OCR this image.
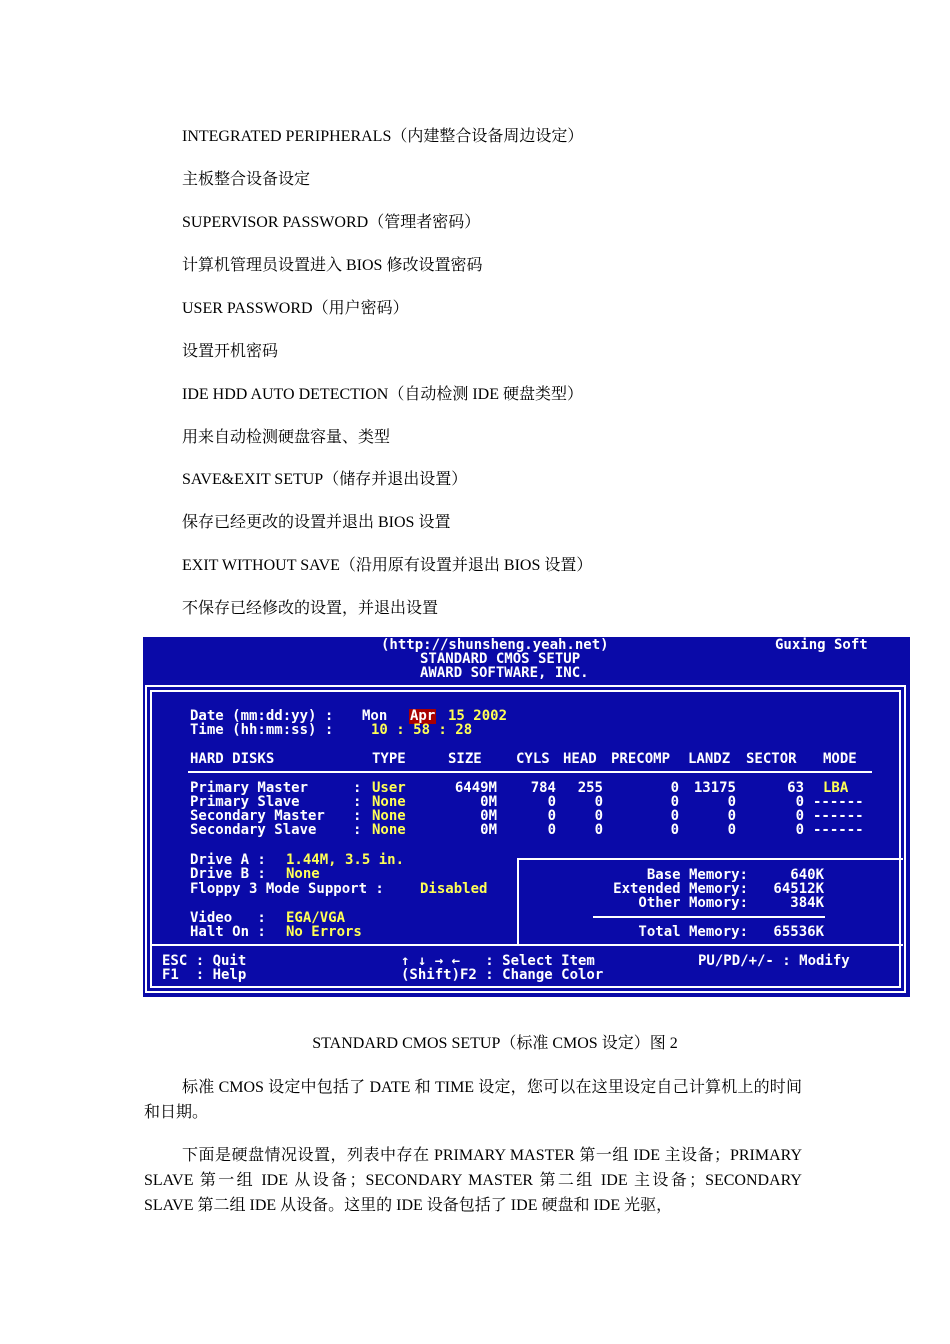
INTEGRATED PERIPHERALS（内建整合设备周边设定）
主板整合设备设定
SUPERVISOR PASSWORD（管理者密码）
计算机管理员设置进入 BIOS 修改设置密码
USER PASSWORD（用户密码）
设置开机密码
IDE HDD AUTO DETECTION（自动检测 IDE 硬盘类型）
用来自动检测硬盘容量、类型
SAVE&EXIT SETUP（储存并退出设置）
保存已经更改的设置并退出 BIOS 设置
EXIT WITHOUT SAVE（沿用原有设置并退出 BIOS 设置）
不保存已经修改的设置，并退出设置
(http://shunsheng.yeah.net)	Guxing Soft
STANDARD CMOS SETUP
AWARD SOFTWARE, INC.
Date (mm:dd:yy) : Mon Apr 15 2002
Time (hh:mm:ss) :	10 : 58 : 28
HARD DISKS	TYPE	SIZE CYLS HEAD PRECOMP LANDZ SECTOR MODE
Primary Master	: User	6449M	784	255	0	13175	63 LBA
Primary Slave	: None	0M	0	0	0	0	0 ------
Secondary Master : None	0M	0	0	0	0	0 ------
Secondary Slave	: None	0M	0	0	0	0	0 ------
Drive A : 1.44M, 3.5 in.
Drive B : None
Floppy 3 Mode Support :	Disabled
Video   : EGA/VGA
Halt On : No Errors
Base Memory:	640K
Extended Memory:	64512K
Other Momory:	384K
Total Memory:	65536K
ESC : Quit
F1  : Help
↑ ↓ → ←   : Select Item
(Shift)F2 : Change Color
PU/PD/+/- : Modify
STANDARD CMOS SETUP（标准 CMOS 设定）图 2
标准 CMOS 设定中包括了 DATE 和 TIME 设定，您可以在这里设定自己计算机上的时间和日期。
下面是硬盘情况设置，列表中存在 PRIMARY MASTER 第一组 IDE 主设备；PRIMARY SLAVE 第一组 IDE 从设备；SECONDARY MASTER 第二组 IDE 主设备；SECONDARY SLAVE 第二组 IDE 从设备。这里的 IDE 设备包括了 IDE 硬盘和 IDE 光驱，
